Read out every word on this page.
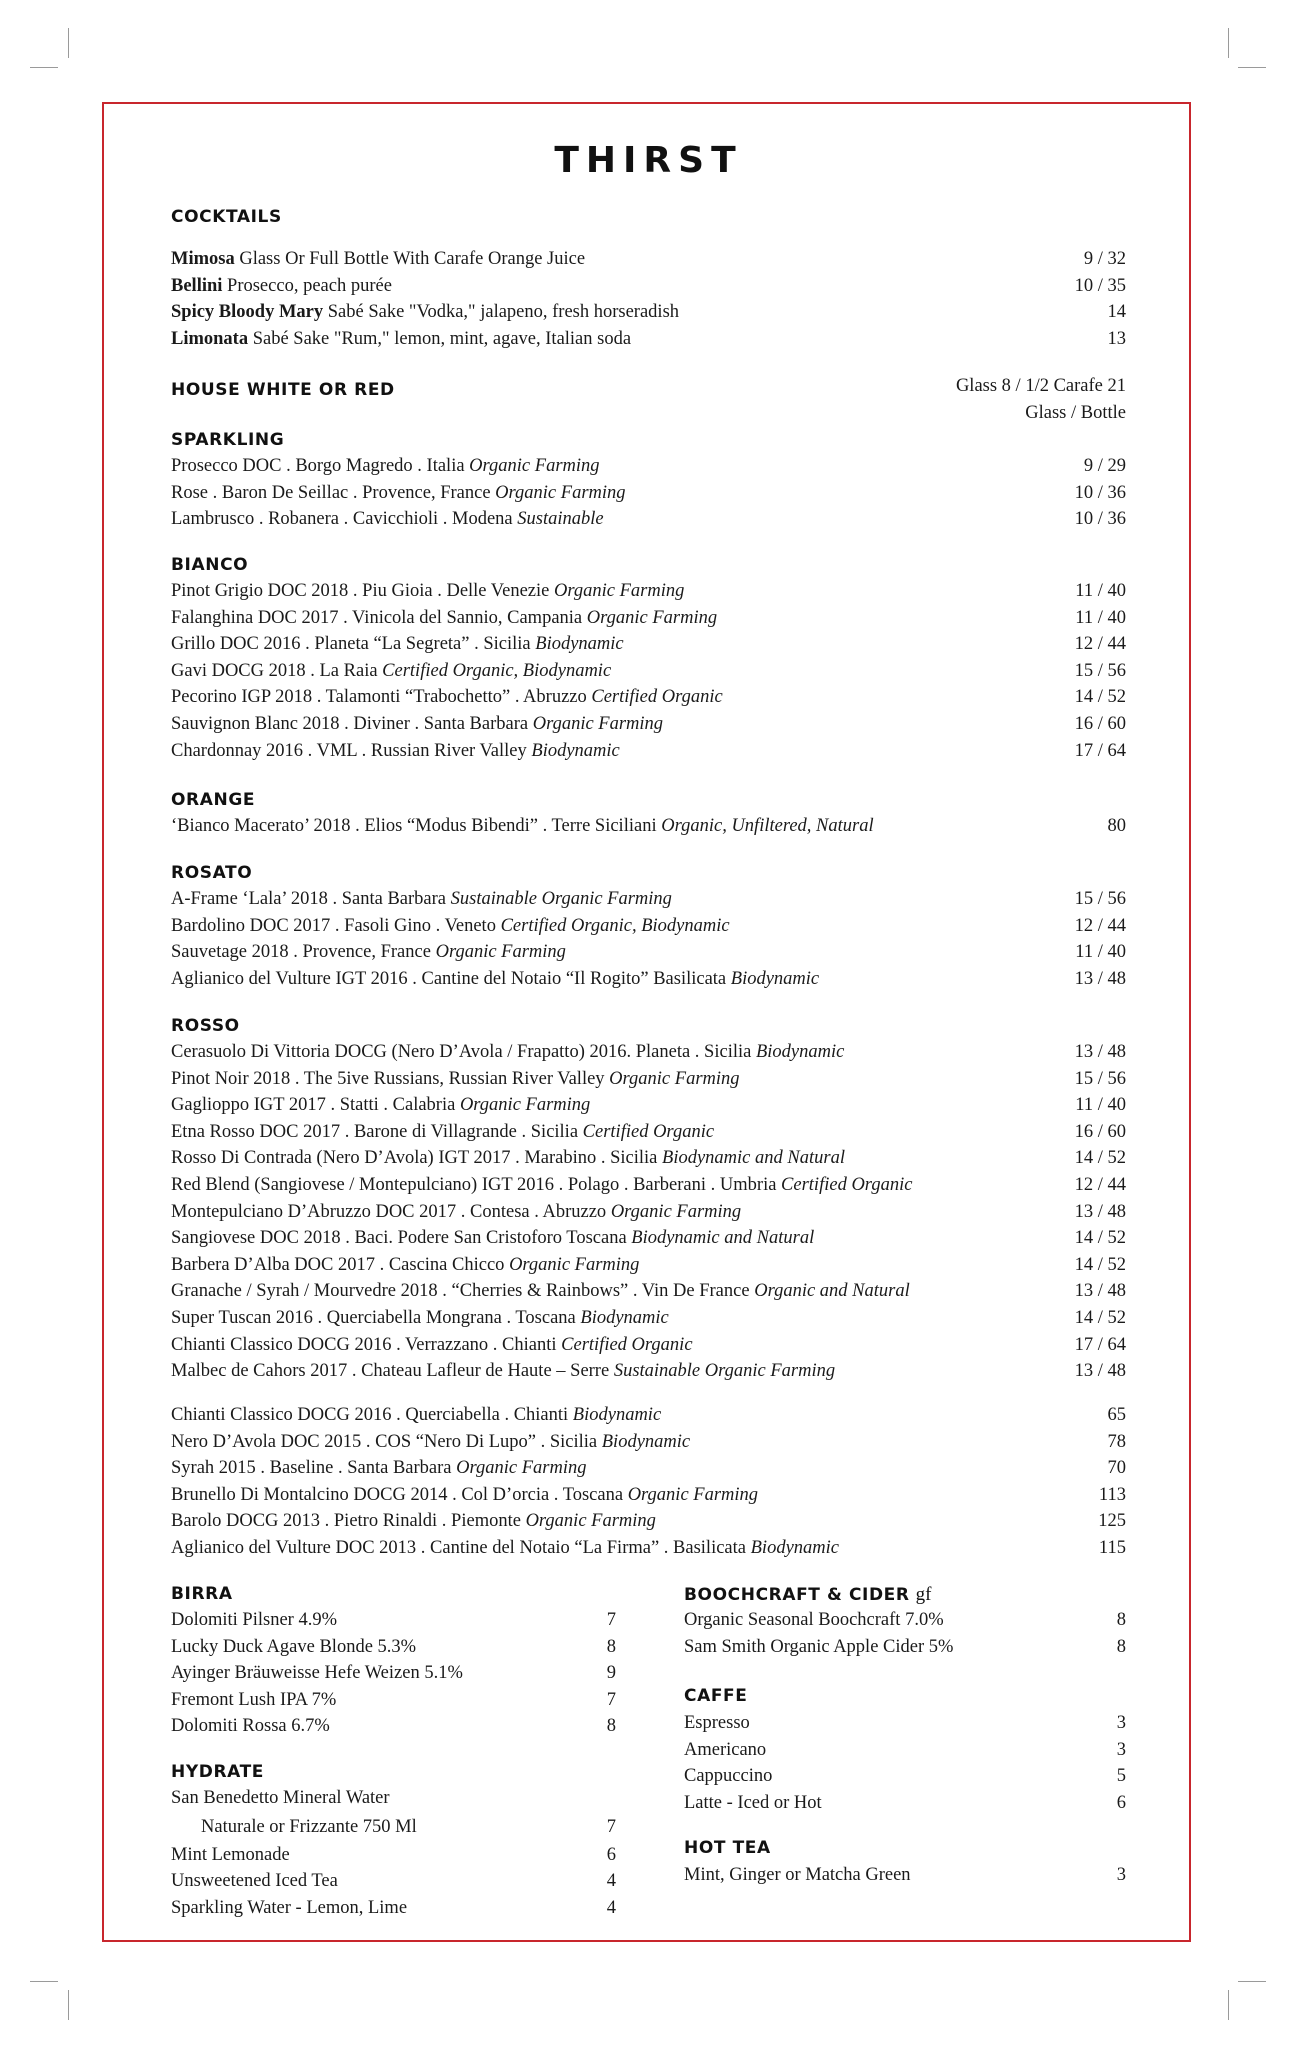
THIRST
COCKTAILS
Mimosa Glass Or Full Bottle With Carafe Orange Juice	9 / 32
Bellini Prosecco, peach purée	10 / 35
Spicy Bloody Mary Sabé Sake "Vodka," jalapeno, fresh horseradish	14
Limonata Sabé Sake "Rum," lemon, mint, agave, Italian soda	13
HOUSE WHITE OR RED	Glass 8 / 1/2 Carafe 21
Glass / Bottle
SPARKLING
Prosecco DOC . Borgo Magredo . Italia Organic Farming	9 / 29
Rose . Baron De Seillac . Provence, France Organic Farming	10 / 36
Lambrusco . Robanera . Cavicchioli . Modena Sustainable	10 / 36
BIANCO
Pinot Grigio DOC 2018 . Piu Gioia . Delle Venezie Organic Farming	11 / 40
Falanghina DOC 2017 . Vinicola del Sannio, Campania Organic Farming	11 / 40
Grillo DOC 2016 . Planeta “La Segreta” . Sicilia Biodynamic	12 / 44
Gavi DOCG 2018 . La Raia Certified Organic, Biodynamic	15 / 56
Pecorino IGP 2018 . Talamonti “Trabochetto” . Abruzzo Certified Organic	14 / 52
Sauvignon Blanc 2018 . Diviner . Santa Barbara Organic Farming	16 / 60
Chardonnay 2016 . VML . Russian River Valley Biodynamic	17 / 64
ORANGE
‘Bianco Macerato’ 2018 . Elios “Modus Bibendi” . Terre Siciliani Organic, Unfiltered, Natural	80
ROSATO
A-Frame ‘Lala’ 2018 . Santa Barbara Sustainable Organic Farming	15 / 56
Bardolino DOC 2017 . Fasoli Gino . Veneto Certified Organic, Biodynamic	12 / 44
Sauvetage 2018 . Provence, France Organic Farming	11 / 40
Aglianico del Vulture IGT 2016 . Cantine del Notaio “Il Rogito” Basilicata Biodynamic	13 / 48
ROSSO
Cerasuolo Di Vittoria DOCG (Nero D’Avola / Frapatto) 2016. Planeta . Sicilia Biodynamic	13 / 48
Pinot Noir 2018 . The 5ive Russians, Russian River Valley Organic Farming	15 / 56
Gaglioppo IGT 2017 . Statti . Calabria Organic Farming	11 / 40
Etna Rosso DOC 2017 . Barone di Villagrande . Sicilia Certified Organic	16 / 60
Rosso Di Contrada (Nero D’Avola) IGT 2017 . Marabino . Sicilia Biodynamic and Natural	14 / 52
Red Blend (Sangiovese / Montepulciano) IGT 2016 . Polago . Barberani . Umbria Certified Organic	12 / 44
Montepulciano D’Abruzzo DOC 2017 . Contesa . Abruzzo Organic Farming	13 / 48
Sangiovese DOC 2018 . Baci. Podere San Cristoforo Toscana Biodynamic and Natural	14 / 52
Barbera D’Alba DOC 2017 . Cascina Chicco Organic Farming	14 / 52
Granache / Syrah / Mourvedre 2018 . “Cherries & Rainbows” . Vin De France Organic and Natural	13 / 48
Super Tuscan 2016 . Querciabella Mongrana . Toscana Biodynamic	14 / 52
Chianti Classico DOCG 2016 . Verrazzano . Chianti Certified Organic	17 / 64
Malbec de Cahors 2017 . Chateau Lafleur de Haute – Serre Sustainable Organic Farming	13 / 48
Chianti Classico DOCG 2016 . Querciabella . Chianti Biodynamic	65
Nero D’Avola DOC 2015 . COS “Nero Di Lupo” . Sicilia Biodynamic	78
Syrah 2015 . Baseline . Santa Barbara Organic Farming	70
Brunello Di Montalcino DOCG 2014 . Col D’orcia . Toscana Organic Farming	113
Barolo DOCG 2013 . Pietro Rinaldi . Piemonte Organic Farming	125
Aglianico del Vulture DOC 2013 . Cantine del Notaio “La Firma” . Basilicata Biodynamic	115
BIRRA
Dolomiti Pilsner 4.9%	7
Lucky Duck Agave Blonde 5.3%	8
Ayinger Bräuweisse Hefe Weizen 5.1%	9
Fremont Lush IPA 7%	7
Dolomiti Rossa 6.7%	8
HYDRATE
San Benedetto Mineral Water
Naturale or Frizzante 750 Ml	7
Mint Lemonade	6
Unsweetened Iced Tea	4
Sparkling Water - Lemon, Lime	4
BOOCHCRAFT & CIDER gf
Organic Seasonal Boochcraft 7.0%	8
Sam Smith Organic Apple Cider 5%	8
CAFFE
Espresso	3
Americano	3
Cappuccino	5
Latte - Iced or Hot	6
HOT TEA
Mint, Ginger or Matcha Green	3
